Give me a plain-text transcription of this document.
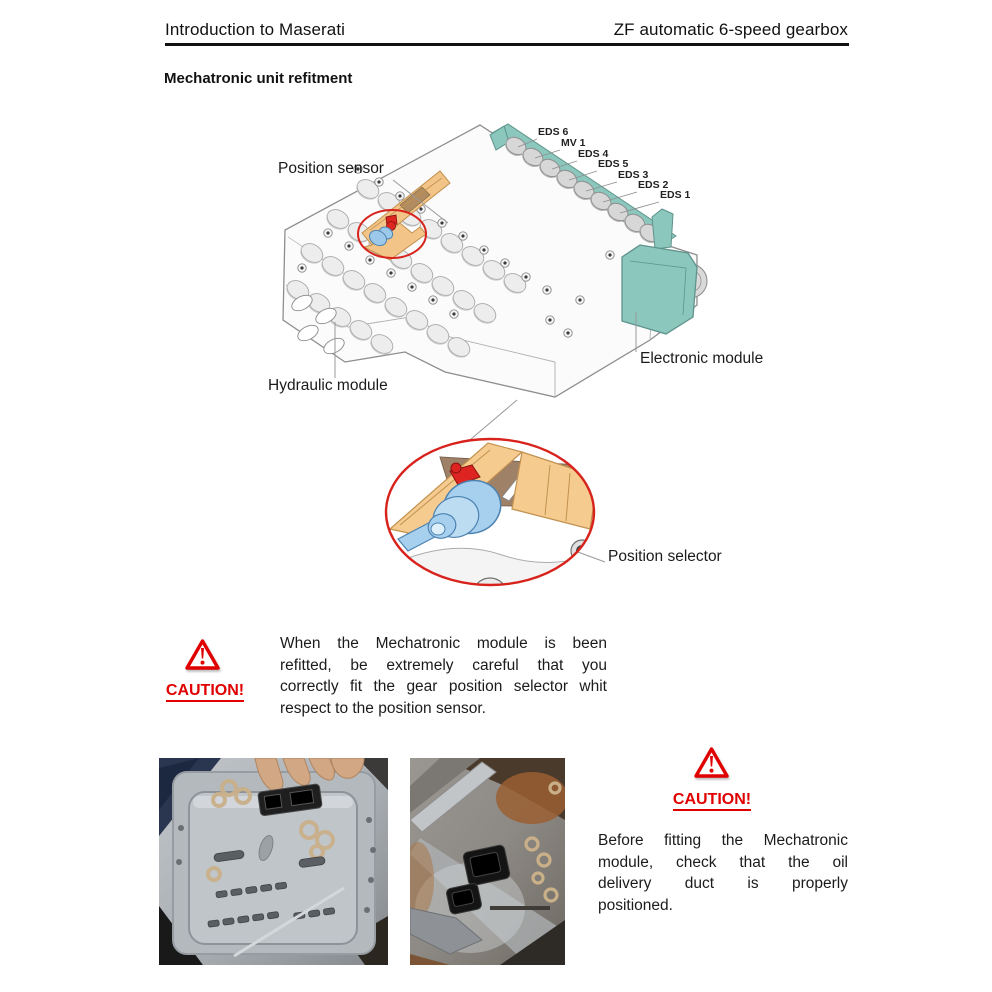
Introduction to Maserati	ZF automatic 6-speed gearbox
Mechatronic unit refitment
Position sensor
EDS 6
MV 1
EDS 4
EDS 5
EDS 3
EDS 2
EDS 1
Electronic module
Hydraulic module
Position selector
CAUTION!
When the Mechatronic module is been
refitted, be extremely careful that you
correctly fit the gear position selector whit
respect to the position sensor.
CAUTION!
Before fitting the Mechatronic
module, check that the oil
delivery duct is properly
positioned.
